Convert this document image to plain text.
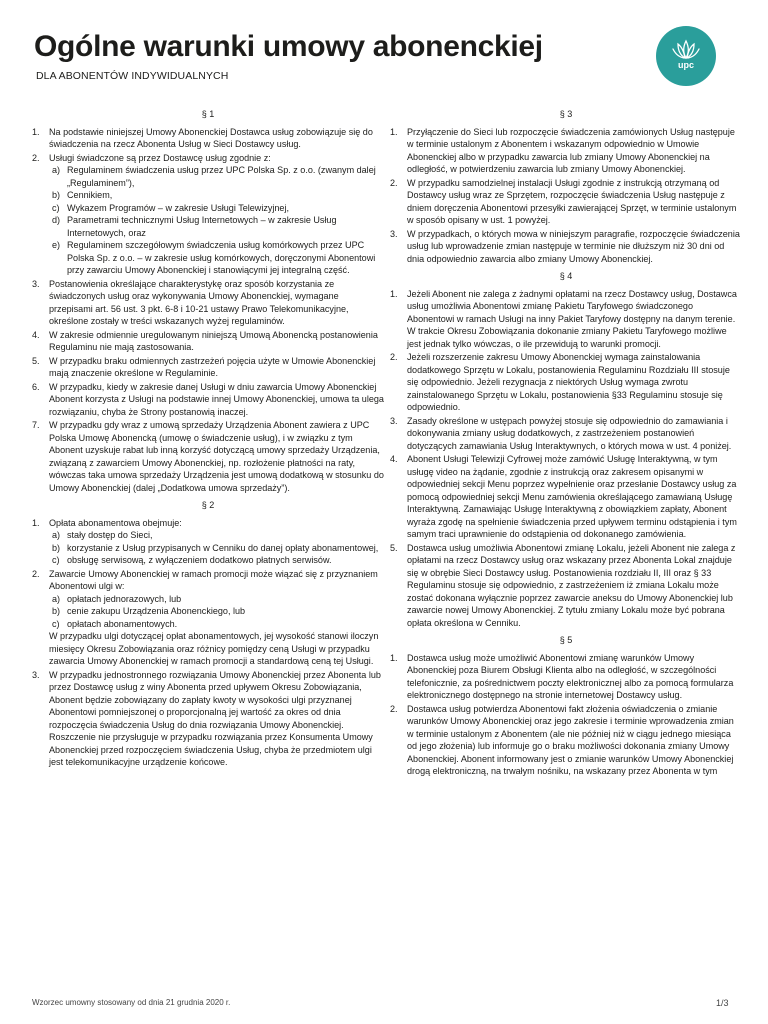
Ogólne warunki umowy abonenckiej
DLA ABONENTÓW INDYWIDUALNYCH
upc
§ 1
1. Na podstawie niniejszej Umowy Abonenckiej Dostawca usług zobowiązuje się do świadczenia na rzecz Abonenta Usług w Sieci Dostawcy usług.
2. Usługi świadczone są przez Dostawcę usług zgodnie z:
a) Regulaminem świadczenia usług przez UPC Polska Sp. z o.o. (zwanym dalej „Regulaminem”),
b) Cennikiem,
c) Wykazem Programów – w zakresie Usługi Telewizyjnej,
d) Parametrami technicznymi Usług Internetowych – w zakresie Usług Internetowych, oraz
e) Regulaminem szczegółowym świadczenia usług komórkowych przez UPC Polska Sp. z o.o. – w zakresie usług komórkowych, doręczonymi Abonentowi przy zawarciu Umowy Abonenckiej i stanowiącymi jej integralną część.
3. Postanowienia określające charakterystykę oraz sposób korzystania ze świadczonych usług oraz wykonywania Umowy Abonenckiej, wymagane przepisami art. 56 ust. 3 pkt. 6-8 i 10-21 ustawy Prawo Telekomunikacyjne, określone zostały w treści wskazanych wyżej regulaminów.
4. W zakresie odmiennie uregulowanym niniejszą Umową Abonencką postanowienia Regulaminu nie mają zastosowania.
5. W przypadku braku odmiennych zastrzeżeń pojęcia użyte w Umowie Abonenckiej mają znaczenie określone w Regulaminie.
6. W przypadku, kiedy w zakresie danej Usługi w dniu zawarcia Umowy Abonenckiej Abonent korzysta z Usługi na podstawie innej Umowy Abonenckiej, umowa ta ulega rozwiązaniu, chyba że Strony postanowią inaczej.
7. W przypadku gdy wraz z umową sprzedaży Urządzenia Abonent zawiera z UPC Polska Umowę Abonencką (umowę o świadczenie usług), i w związku z tym Abonent uzyskuje rabat lub inną korzyść dotyczącą umowy sprzedaży Urządzenia, związaną z zawarciem Umowy Abonenckiej, np. rozłożenie płatności na raty, wówczas taka umowa sprzedaży Urządzenia jest umową dodatkową w stosunku do Umowy Abonenckiej (dalej „Dodatkowa umowa sprzedaży”).
§ 2
1. Opłata abonamentowa obejmuje:
a) stały dostęp do Sieci,
b) korzystanie z Usług przypisanych w Cenniku do danej opłaty abonamentowej,
c) obsługę serwisową, z wyłączeniem dodatkowo płatnych serwisów.
2. Zawarcie Umowy Abonenckiej w ramach promocji może wiązać się z przyznaniem Abonentowi ulgi w:
a) opłatach jednorazowych, lub
b) cenie zakupu Urządzenia Abonenckiego, lub
c) opłatach abonamentowych.
W przypadku ulgi dotyczącej opłat abonamentowych, jej wysokość stanowi iloczyn miesięcy Okresu Zobowiązania oraz różnicy pomiędzy ceną Usługi w przypadku zawarcia Umowy Abonenckiej w ramach promocji a standardową ceną tej Usługi.
3. W przypadku jednostronnego rozwiązania Umowy Abonenckiej przez Abonenta lub przez Dostawcę usług z winy Abonenta przed upływem Okresu Zobowiązania, Abonent będzie zobowiązany do zapłaty kwoty w wysokości ulgi przyznanej Abonentowi pomniejszonej o proporcjonalną jej wartość za okres od dnia rozpoczęcia świadczenia Usług do dnia rozwiązania Umowy Abonenckiej. Roszczenie nie przysługuje w przypadku rozwiązania przez Konsumenta Umowy Abonenckiej przed rozpoczęciem świadczenia Usług, chyba że przedmiotem ulgi jest telekomunikacyjne urządzenie końcowe.
§ 3
1. Przyłączenie do Sieci lub rozpoczęcie świadczenia zamówionych Usług następuje w terminie ustalonym z Abonentem i wskazanym odpowiednio w Umowie Abonenckiej albo w przypadku zawarcia lub zmiany Umowy Abonenckiej na odległość, w potwierdzeniu zawarcia lub zmiany Umowy Abonenckiej.
2. W przypadku samodzielnej instalacji Usługi zgodnie z instrukcją otrzymaną od Dostawcy usług wraz ze Sprzętem, rozpoczęcie świadczenia Usług następuje z dniem doręczenia Abonentowi przesyłki zawierającej Sprzęt, w terminie ustalonym w sposób opisany w ust. 1 powyżej.
3. W przypadkach, o których mowa w niniejszym paragrafie, rozpoczęcie świadczenia usług lub wprowadzenie zmian następuje w terminie nie dłuższym niż 30 dni od dnia odpowiednio zawarcia albo zmiany Umowy Abonenckiej.
§ 4
1. Jeżeli Abonent nie zalega z żadnymi opłatami na rzecz Dostawcy usług, Dostawca usług umożliwia Abonentowi zmianę Pakietu Taryfowego świadczonego Abonentowi w ramach Usługi na inny Pakiet Taryfowy dostępny na danym terenie. W trakcie Okresu Zobowiązania dokonanie zmiany Pakietu Taryfowego możliwe jest jednak tylko wówczas, o ile przewidują to warunki promocji.
2. Jeżeli rozszerzenie zakresu Umowy Abonenckiej wymaga zainstalowania dodatkowego Sprzętu w Lokalu, postanowienia Regulaminu Rozdziału III stosuje się odpowiednio. Jeżeli rezygnacja z niektórych Usług wymaga zwrotu zainstalowanego Sprzętu w Lokalu, postanowienia §33 Regulaminu stosuje się odpowiednio.
3. Zasady określone w ustępach powyżej stosuje się odpowiednio do zamawiania i dokonywania zmiany usług dodatkowych, z zastrzeżeniem postanowień dotyczących zamawiania Usług Interaktywnych, o których mowa w ust. 4 poniżej.
4. Abonent Usługi Telewizji Cyfrowej może zamówić Usługę Interaktywną, w tym usługę video na żądanie, zgodnie z instrukcją oraz zakresem opisanymi w odpowiedniej sekcji Menu poprzez wypełnienie oraz przesłanie Dostawcy usług za pomocą odpowiedniej sekcji Menu zamówienia określającego zamawianą Usługę Interaktywną. Zamawiając Usługę Interaktywną z obowiązkiem zapłaty, Abonent wyraża zgodę na spełnienie świadczenia przed upływem terminu odstąpienia i tym samym traci uprawnienie do odstąpienia od dokonanego zamówienia.
5. Dostawca usług umożliwia Abonentowi zmianę Lokalu, jeżeli Abonent nie zalega z opłatami na rzecz Dostawcy usług oraz wskazany przez Abonenta Lokal znajduje się w obrębie Sieci Dostawcy usług. Postanowienia rozdziału II, III oraz § 33 Regulaminu stosuje się odpowiednio, z zastrzeżeniem iż zmiana Lokalu może zostać dokonana wyłącznie poprzez zawarcie aneksu do Umowy Abonenckiej lub zawarcie nowej Umowy Abonenckiej. Z tytułu zmiany Lokalu może być pobrana opłata określona w Cenniku.
§ 5
1. Dostawca usług może umożliwić Abonentowi zmianę warunków Umowy Abonenckiej poza Biurem Obsługi Klienta albo na odległość, w szczególności telefonicznie, za pośrednictwem poczty elektronicznej albo za pomocą formularza elektronicznego dostępnego na stronie internetowej Dostawcy usług.
2. Dostawca usług potwierdza Abonentowi fakt złożenia oświadczenia o zmianie warunków Umowy Abonenckiej oraz jego zakresie i terminie wprowadzenia zmian w terminie ustalonym z Abonentem (ale nie później niż w ciągu jednego miesiąca od jego złożenia) lub informuje go o braku możliwości dokonania zmiany Umowy Abonenckiej. Abonent informowany jest o zmianie warunków Umowy Abonenckiej drogą elektroniczną, na trwałym nośniku, na wskazany przez Abonenta w tym
Wzorzec umowny stosowany od dnia 21 grudnia 2020 r.	1/3
